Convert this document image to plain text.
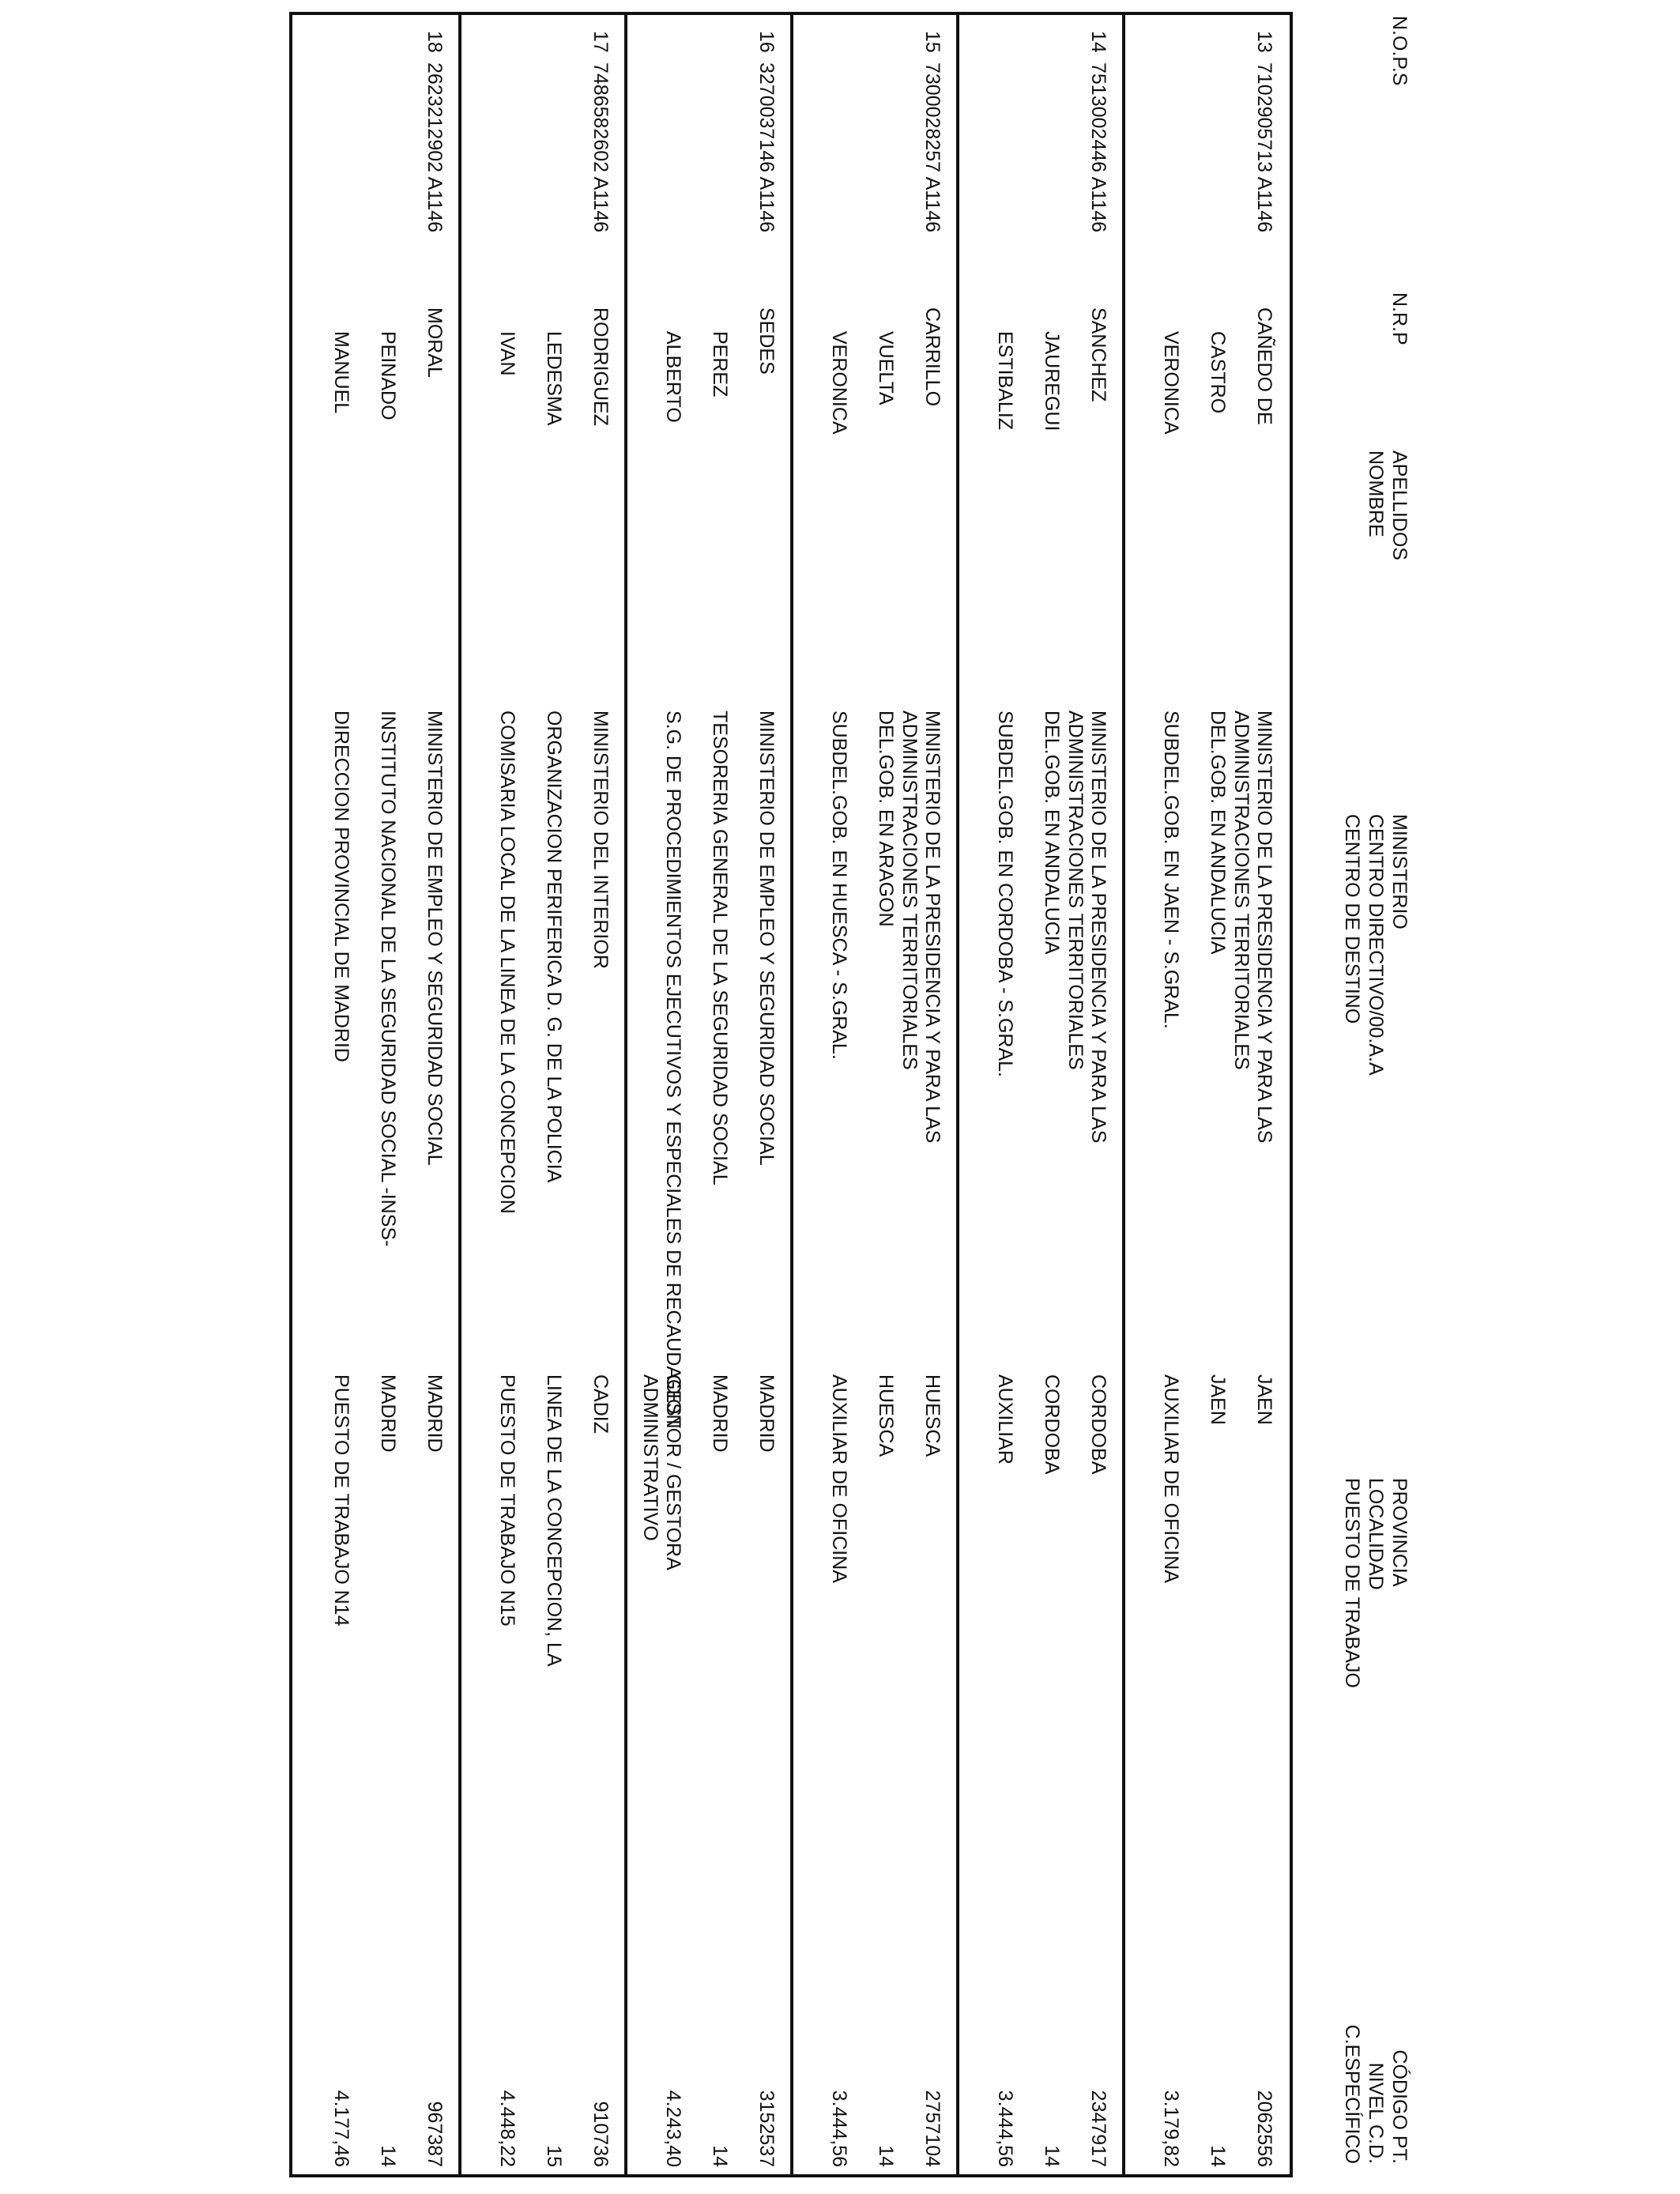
N.O.P.S
N.R.P
APELLIDOS
NOMBRE
MINISTERIO
CENTRO DIRECTIVO/00.A.A
CENTRO DE DESTINO
PROVINCIA
LOCALIDAD
PUESTO DE TRABAJO
CÓDIGO PT.
NIVEL C.D.
C.ESPECÍFICO
13
7102905713 A1146
CAÑEDO DE
CASTRO
VERONICA
MINISTERIO DE LA PRESIDENCIA Y PARA LAS ADMINISTRACIONES TERRITORIALES
DEL.GOB. EN ANDALUCIA
SUBDEL.GOB. EN JAEN - S.GRAL.
JAEN
JAEN
AUXILIAR DE OFICINA
2062556
14
3.179,82
14
7513002446 A1146
SANCHEZ
JAUREGUI
ESTIBALIZ
MINISTERIO DE LA PRESIDENCIA Y PARA LAS ADMINISTRACIONES TERRITORIALES
DEL.GOB. EN ANDALUCIA
SUBDEL.GOB. EN CORDOBA - S.GRAL.
CORDOBA
CORDOBA
AUXILIAR
2347917
14
3.444,56
15
7300028257 A1146
CARRILLO
VUELTA
VERONICA
MINISTERIO DE LA PRESIDENCIA Y PARA LAS ADMINISTRACIONES TERRITORIALES
DEL.GOB. EN ARAGON
SUBDEL.GOB. EN HUESCA - S.GRAL.
HUESCA
HUESCA
AUXILIAR DE OFICINA
2757104
14
3.444,56
16
3270037146 A1146
SEDES
PEREZ
ALBERTO
MINISTERIO DE EMPLEO Y SEGURIDAD SOCIAL
TESORERIA GENERAL DE LA SEGURIDAD SOCIAL
S.G. DE PROCEDIMIENTOS EJECUTIVOS Y ESPECIALES DE RECAUDACION	MADRID
MADRID
GESTOR / GESTORA ADMINISTRATIVO
3152537
14
4.243,40
17
7486582602 A1146
RODRIGUEZ
LEDESMA
IVAN
MINISTERIO DEL INTERIOR
ORGANIZACION PERIFERICA D. G. DE LA POLICIA
COMISARIA LOCAL DE LA LINEA DE LA CONCEPCION
CADIZ
LINEA DE LA CONCEPCION, LA
PUESTO DE TRABAJO N15
910736
15
4.448,22
18
2623212902 A1146
MORAL
PEINADO
MANUEL
MINISTERIO DE EMPLEO Y SEGURIDAD SOCIAL
INSTITUTO NACIONAL DE LA SEGURIDAD SOCIAL -INSS-
DIRECCION PROVINCIAL DE MADRID
MADRID
MADRID
PUESTO DE TRABAJO N14
967387
14
4.177,46
